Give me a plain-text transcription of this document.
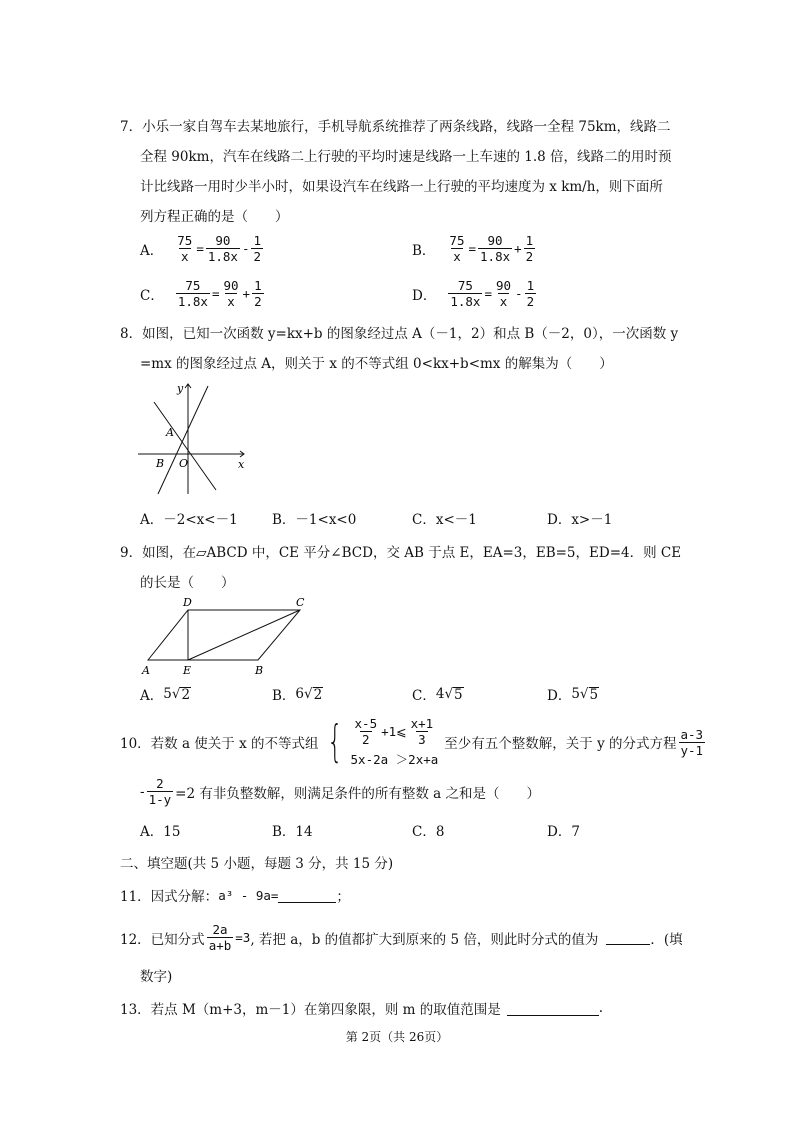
7．小乐一家自驾车去某地旅行，手机导航系统推荐了两条线路，线路一全程 75km，线路二
全程 90km，汽车在线路二上行驶的平均时速是线路一上车速的 1.8 倍，线路二的用时预
计比线路一用时少半小时，如果设汽车在线路一上行驶的平均速度为 x km/h，则下面所
列方程正确的是（　　）
A． $\frac{75}{x} = \frac{90}{1.8x} - \frac{1}{2}$	B． $\frac{75}{x} = \frac{90}{1.8x} + \frac{1}{2}$
C． $\frac{75}{1.8x} = \frac{90}{x} + \frac{1}{2}$	D． $\frac{75}{1.8x} = \frac{90}{x} - \frac{1}{2}$
8．如图，已知一次函数 y=kx+b 的图象经过点 A（－1，2）和点 B（－2，0），一次函数 y
=mx 的图象经过点 A，则关于 x 的不等式组 0<kx+b<mx 的解集为（　　）
y
x
A
B O
A．－2<x<－1	B．－1<x<0	C．x<－1	D．x>－1
9．如图，在▱ABCD 中，CE 平分∠BCD，交 AB 于点 E，EA=3，EB=5，ED=4．则 CE
的长是（　　）
A	B
C
D
E
A． 5 √ 2	B． 6 √ 2	C． 4 √ 5	D． 5 √ 5
10．若数 a 使关于 x 的不等式组 { $\frac{x-5}{2}$ +1⩽ $\frac{x+1}{3}$
5x-2a ＞2x+a
至少有五个整数解，关于 y 的分式方程 $\frac{a-3}{y-1}$
- $\frac{2}{1-y} =2$ 有非负整数解，则满足条件的所有整数 a 之和是（　　）
A．15	B．14	C．8	D．7
二、填空题(共 5 小题，每题 3 分，共 15 分)
11．因式分解： a³ - 9a=	；
12．已知分式 $\frac{2a}{a+b} =3$ , 若把 a，b 的值都扩大到原来的 5 倍，则此时分式的值为	．(填
数字)
13．若点 M（m+3，m－1）在第四象限，则 m 的取值范围是	.
第 2页（共 26页）
